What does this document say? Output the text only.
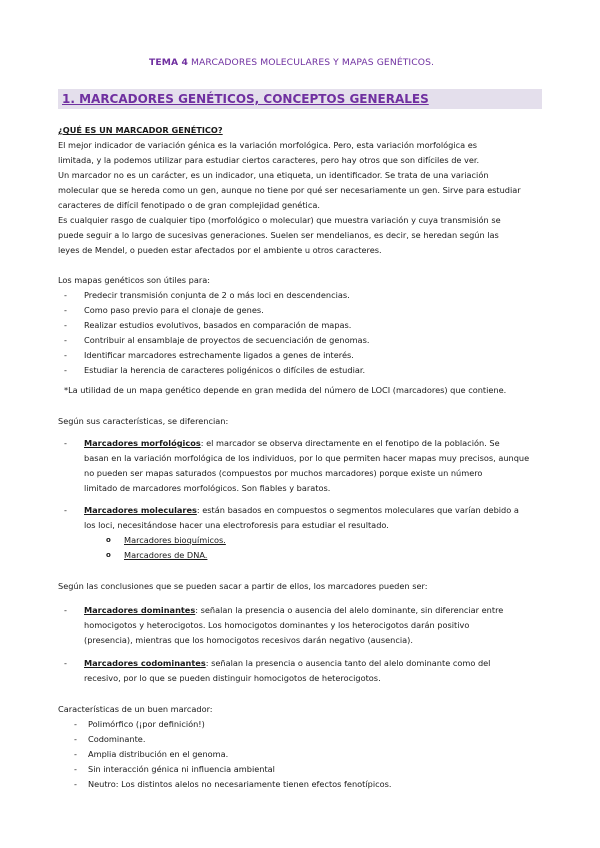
TEMA 4 MARCADORES MOLECULARES Y MAPAS GENÉTICOS.
1. MARCADORES GENÉTICOS, CONCEPTOS GENERALES
¿QUÉ ES UN MARCADOR GENÉTICO?
El mejor indicador de variación génica es la variación morfológica. Pero, esta variación morfológica es
limitada, y la podemos utilizar para estudiar ciertos caracteres, pero hay otros que son difíciles de ver.
Un marcador no es un carácter, es un indicador, una etiqueta, un identificador. Se trata de una variación
molecular que se hereda como un gen, aunque no tiene por qué ser necesariamente un gen. Sirve para estudiar
caracteres de difícil fenotipado o de gran complejidad genética.
Es cualquier rasgo de cualquier tipo (morfológico o molecular) que muestra variación y cuya transmisión se
puede seguir a lo largo de sucesivas generaciones. Suelen ser mendelianos, es decir, se heredan según las
leyes de Mendel, o pueden estar afectados por el ambiente u otros caracteres.
Los mapas genéticos son útiles para:
- Predecir transmisión conjunta de 2 o más loci en descendencias.
- Como paso previo para el clonaje de genes.
- Realizar estudios evolutivos, basados en comparación de mapas.
- Contribuir al ensamblaje de proyectos de secuenciación de genomas.
- Identificar marcadores estrechamente ligados a genes de interés.
- Estudiar la herencia de caracteres poligénicos o difíciles de estudiar.
*La utilidad de un mapa genético depende en gran medida del número de LOCI (marcadores) que contiene.
Según sus características, se diferencian:
- Marcadores morfológicos: el marcador se observa directamente en el fenotipo de la población. Se
basan en la variación morfológica de los individuos, por lo que permiten hacer mapas muy precisos, aunque
no pueden ser mapas saturados (compuestos por muchos marcadores) porque existe un número
limitado de marcadores morfológicos. Son fiables y baratos.
- Marcadores moleculares: están basados en compuestos o segmentos moleculares que varían debido a
los loci, necesitándose hacer una electroforesis para estudiar el resultado.
o Marcadores bioquímicos.
o Marcadores de DNA.
Según las conclusiones que se pueden sacar a partir de ellos, los marcadores pueden ser:
- Marcadores dominantes: señalan la presencia o ausencia del alelo dominante, sin diferenciar entre
homocigotos y heterocigotos. Los homocigotos dominantes y los heterocigotos darán positivo
(presencia), mientras que los homocigotos recesivos darán negativo (ausencia).
- Marcadores codominantes: señalan la presencia o ausencia tanto del alelo dominante como del
recesivo, por lo que se pueden distinguir homocigotos de heterocigotos.
Características de un buen marcador:
- Polimórfico (¡por definición!)
- Codominante.
- Amplia distribución en el genoma.
- Sin interacción génica ni influencia ambiental
- Neutro: Los distintos alelos no necesariamente tienen efectos fenotípicos.
